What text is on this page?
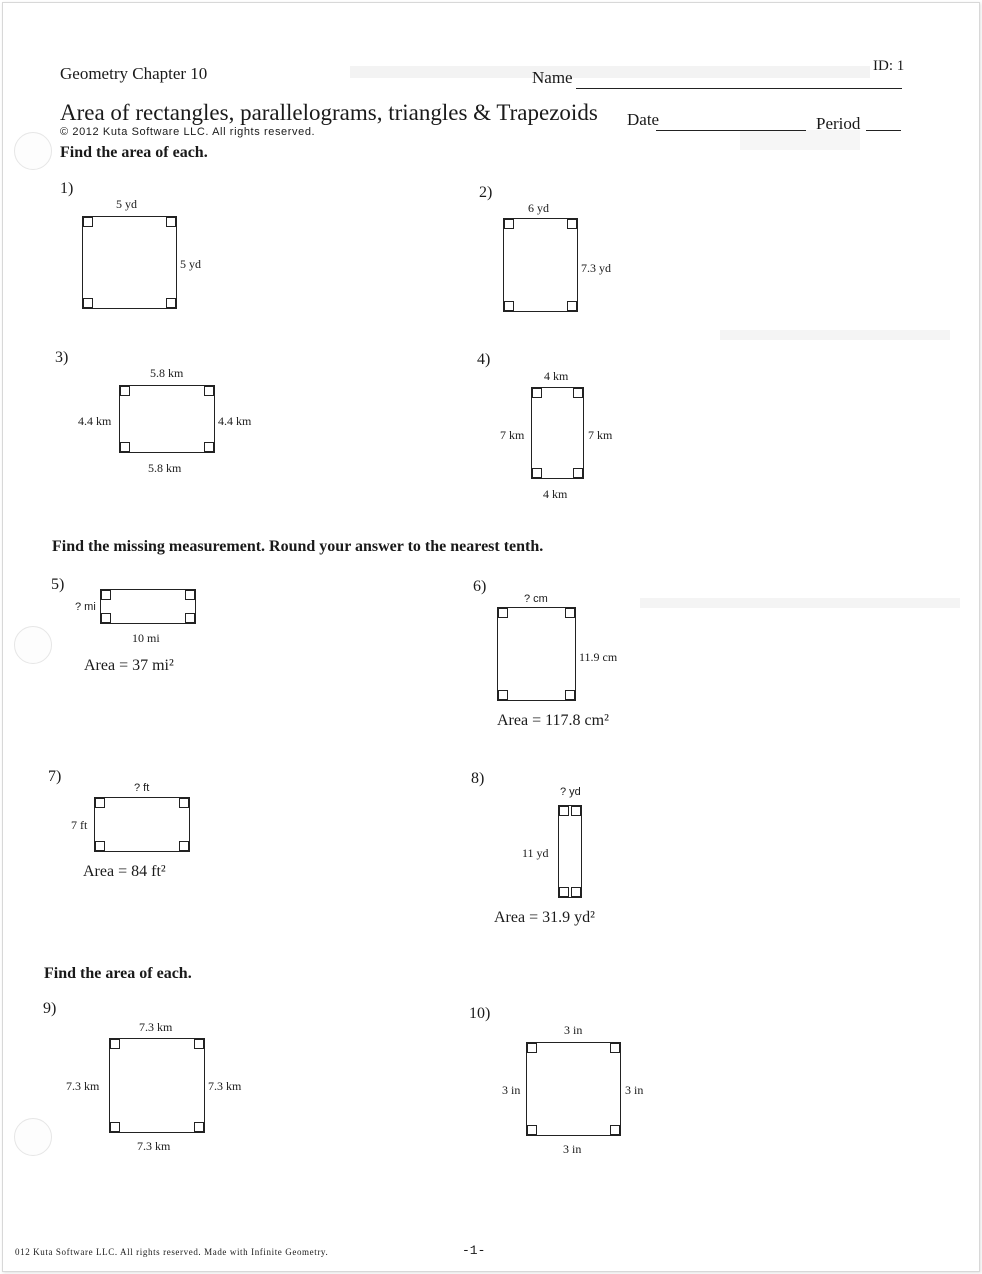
Geometry Chapter 10	Name
ID: 1
Area of rectangles, parallelograms, triangles & Trapezoids Date	Period
© 2012 Kuta Software LLC. All rights reserved.
Find the area of each.
1)
5 yd
5 yd
2)
6 yd
7.3 yd
3)
5.8 km
4.4 km	4.4 km
5.8 km
4)
4 km
7 km	7 km
4 km
Find the missing measurement. Round your answer to the nearest tenth.
5)
? mi
10 mi
Area = 37 mi²
6)
? cm
11.9 cm
Area = 117.8 cm²
7)
? ft
7 ft
Area = 84 ft²
8)
? yd
11 yd
Area = 31.9 yd²
Find the area of each.
9)
7.3 km
7.3 km	7.3 km
7.3 km
10)
3 in
3 in	3 in
3 in
012 Kuta Software LLC. All rights reserved. Made with Infinite Geometry.	-1-
